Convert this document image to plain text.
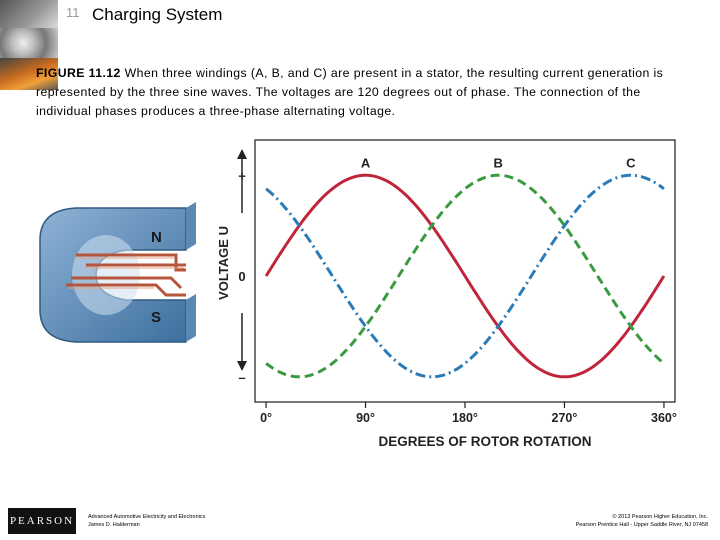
11 Charging System
FIGURE 11.12 When three windings (A, B, and C) are present in a stator, the resulting current generation is represented by the three sine waves. The voltages are 120 degrees out of phase. The connection of the individual phases produces a three-phase alternating voltage.
N
S
A	B	C
VOLTAGE U
+
0
–
0°	90°	180°	270°	360°
DEGREES OF ROTOR ROTATION
PEARSON	Advanced Automotive Electricity and Electronics
James D. Halderman
© 2013 Pearson Higher Education, Inc.
Pearson Prentice Hall - Upper Saddle River, NJ 07458
